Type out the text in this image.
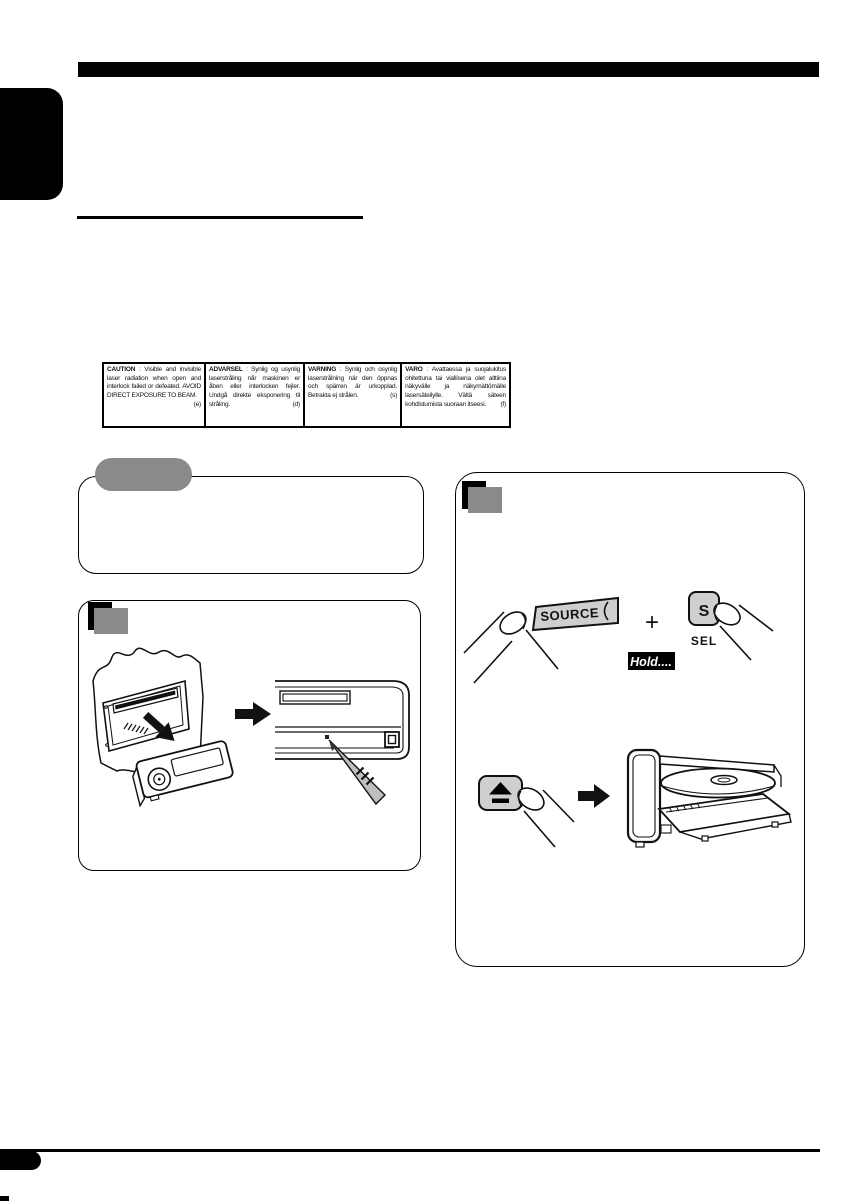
CAUTION : Visible and invisible laser radiation when open and interlock failed or defeated. AVOID DIRECT EXPOSURE TO BEAM.
(e)
ADVARSEL : Synlig og usynlig laserstråling når maskinen er åben eller interlocken fejler. Undgå direkte eksponering til stråling.	(d)
VARNING : Synlig och osynlig laserstrålning när den öppnas och spärren är urkopplad. Betrakta ej strålen.	(s)
VARO : Avattaessa ja suojalukitus ohitettuna tai viallisena olet alttiina näkyvälle ja näkymättömälle lasersäteilylle. Vältä säteen kohdistumista suoraan itseesi. (f)
SOURCE + S
SEL
Hold....
